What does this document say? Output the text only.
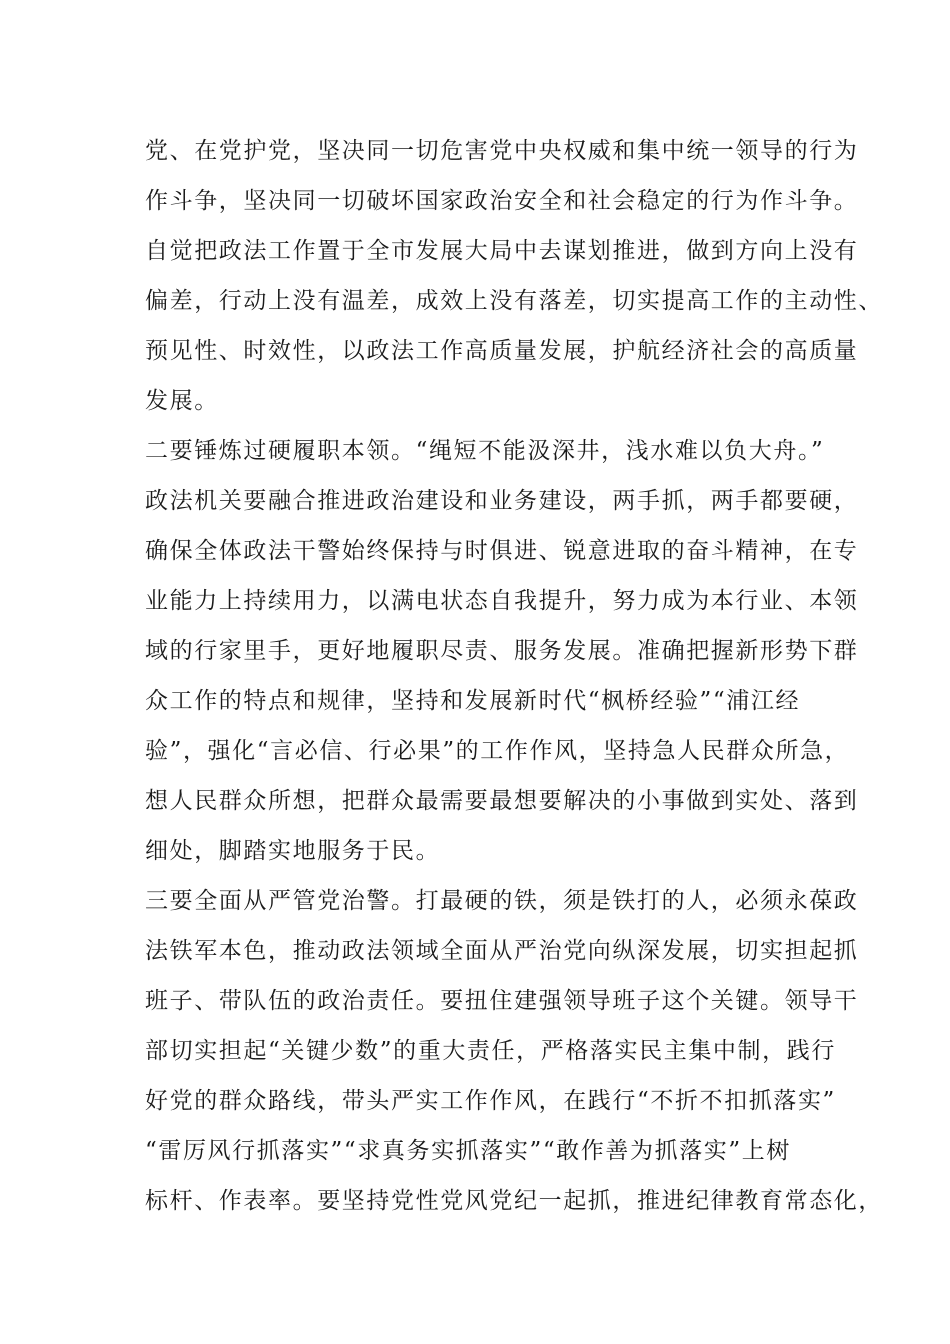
党、在党护党，坚决同一切危害党中央权威和集中统一领导的行为
作斗争，坚决同一切破坏国家政治安全和社会稳定的行为作斗争。
自觉把政法工作置于全市发展大局中去谋划推进，做到方向上没有
偏差，行动上没有温差，成效上没有落差，切实提高工作的主动性、
预见性、时效性，以政法工作高质量发展，护航经济社会的高质量
发展。
二要锤炼过硬履职本领。“绳短不能汲深井，浅水难以负大舟。”
政法机关要融合推进政治建设和业务建设，两手抓，两手都要硬，
确保全体政法干警始终保持与时俱进、锐意进取的奋斗精神，在专
业能力上持续用力，以满电状态自我提升，努力成为本行业、本领
域的行家里手，更好地履职尽责、服务发展。准确把握新形势下群
众工作的特点和规律，坚持和发展新时代“枫桥经验”“浦江经
验”，强化“言必信、行必果”的工作作风，坚持急人民群众所急，
想人民群众所想，把群众最需要最想要解决的小事做到实处、落到
细处，脚踏实地服务于民。
三要全面从严管党治警。打最硬的铁，须是铁打的人，必须永葆政
法铁军本色，推动政法领域全面从严治党向纵深发展，切实担起抓
班子、带队伍的政治责任。要扭住建强领导班子这个关键。领导干
部切实担起“关键少数”的重大责任，严格落实民主集中制，践行
好党的群众路线，带头严实工作作风，在践行“不折不扣抓落实”
“雷厉风行抓落实”“求真务实抓落实”“敢作善为抓落实”上树
标杆、作表率。要坚持党性党风党纪一起抓，推进纪律教育常态化，
